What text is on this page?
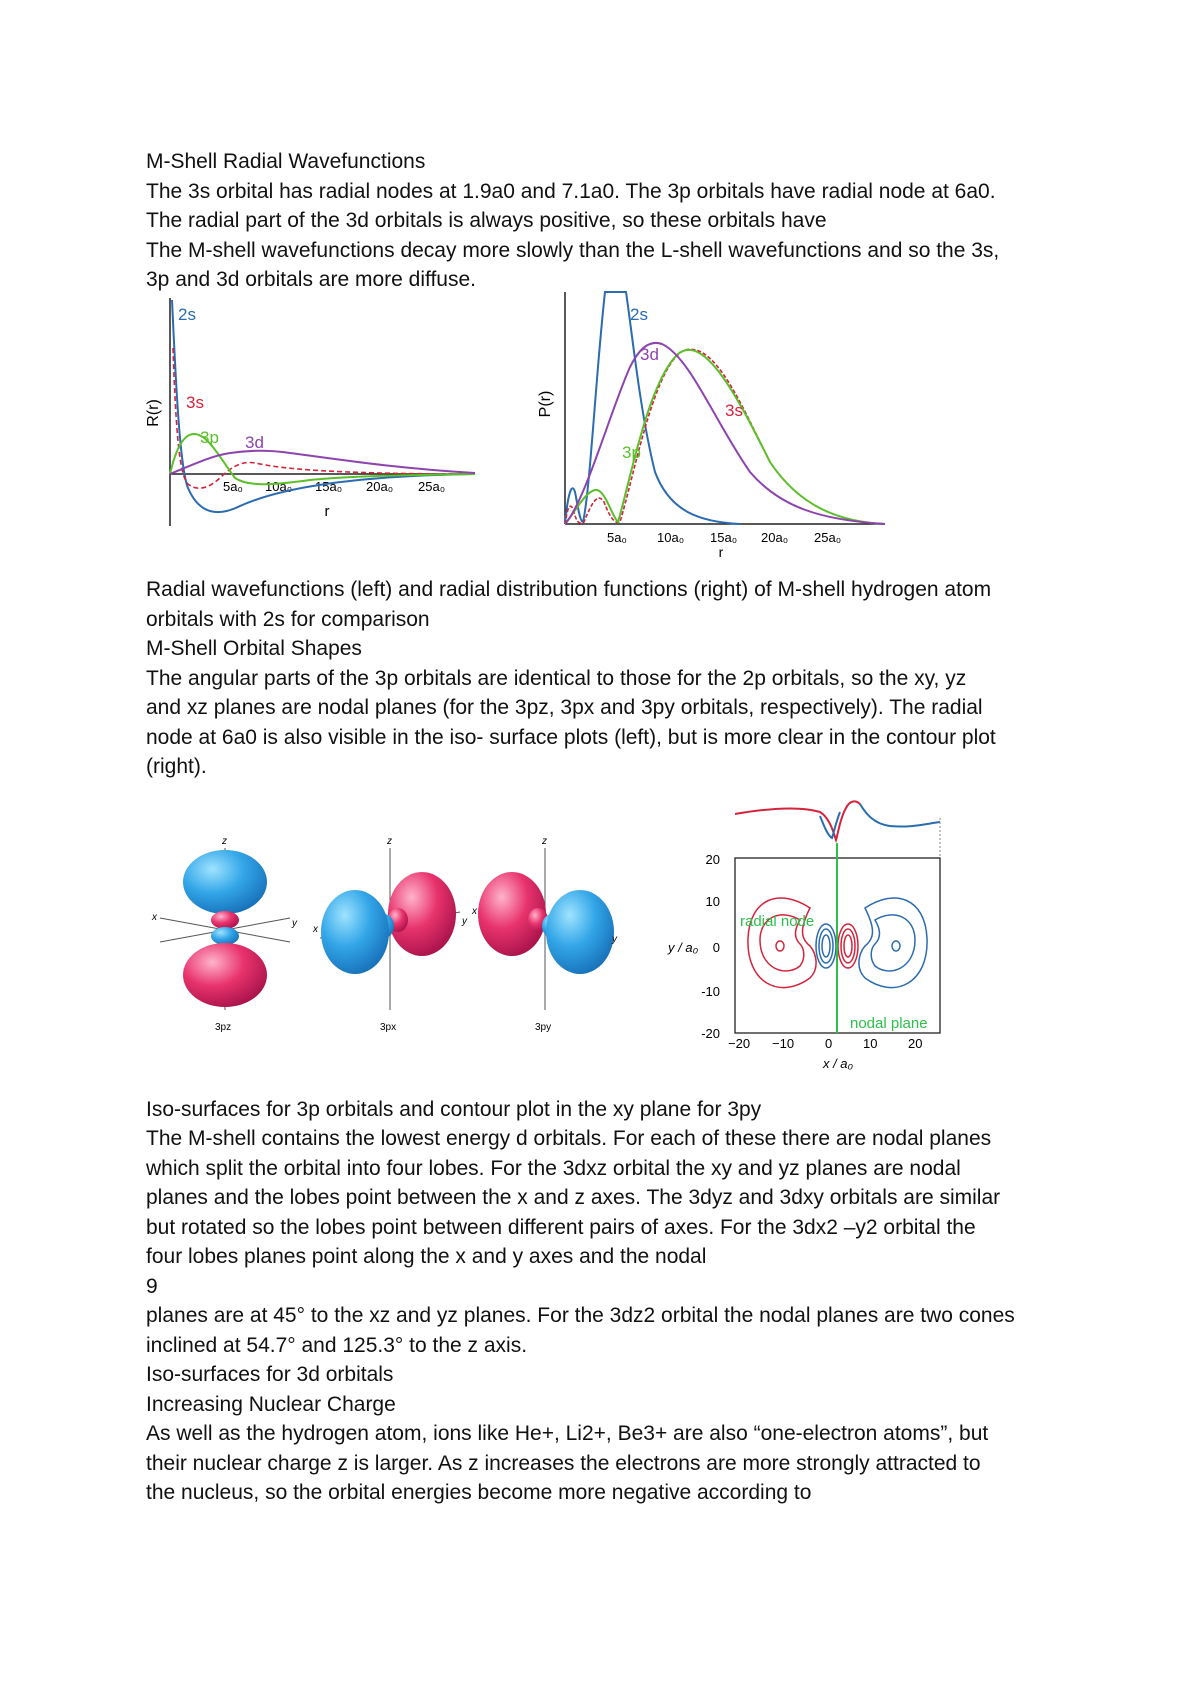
M-Shell Radial Wavefunctions
The 3s orbital has radial nodes at 1.9a0 and 7.1a0. The 3p orbitals have radial node at 6a0.
The radial part of the 3d orbitals is always positive, so these orbitals have
The M-shell wavefunctions decay more slowly than the L-shell wavefunctions and so the 3s,
3p and 3d orbitals are more diffuse.
R(r)
r
5a₀ 10a₀ 15a₀ 20a₀ 25a₀
2s
3s
3p 3d
P(r)
r
5a₀ 10a₀ 15a₀ 20a₀ 25a₀
2s
3d
3s
3p
Radial wavefunctions (left) and radial distribution functions (right) of M-shell hydrogen atom
orbitals with 2s for comparison
M-Shell Orbital Shapes
The angular parts of the 3p orbitals are identical to those for the 2p orbitals, so the xy, yz
and xz planes are nodal planes (for the 3pz, 3px and 3py orbitals, respectively). The radial
node at 6a0 is also visible in the iso- surface plots (left), but is more clear in the contour plot
(right).
z
x
y
3pz
z
x
y
3px
z
x
y
3py
20
10
0
-10
-20
−20 −10 0 10 20
y / a₀
x / a₀
radial node
nodal plane
Iso-surfaces for 3p orbitals and contour plot in the xy plane for 3py
The M-shell contains the lowest energy d orbitals. For each of these there are nodal planes
which split the orbital into four lobes. For the 3dxz orbital the xy and yz planes are nodal
planes and the lobes point between the x and z axes. The 3dyz and 3dxy orbitals are similar
but rotated so the lobes point between different pairs of axes. For the 3dx2 –y2 orbital the
four lobes planes point along the x and y axes and the nodal
9
planes are at 45° to the xz and yz planes. For the 3dz2 orbital the nodal planes are two cones
inclined at 54.7° and 125.3° to the z axis.
Iso-surfaces for 3d orbitals
Increasing Nuclear Charge
As well as the hydrogen atom, ions like He+, Li2+, Be3+ are also “one-electron atoms”, but
their nuclear charge z is larger. As z increases the electrons are more strongly attracted to
the nucleus, so the orbital energies become more negative according to
